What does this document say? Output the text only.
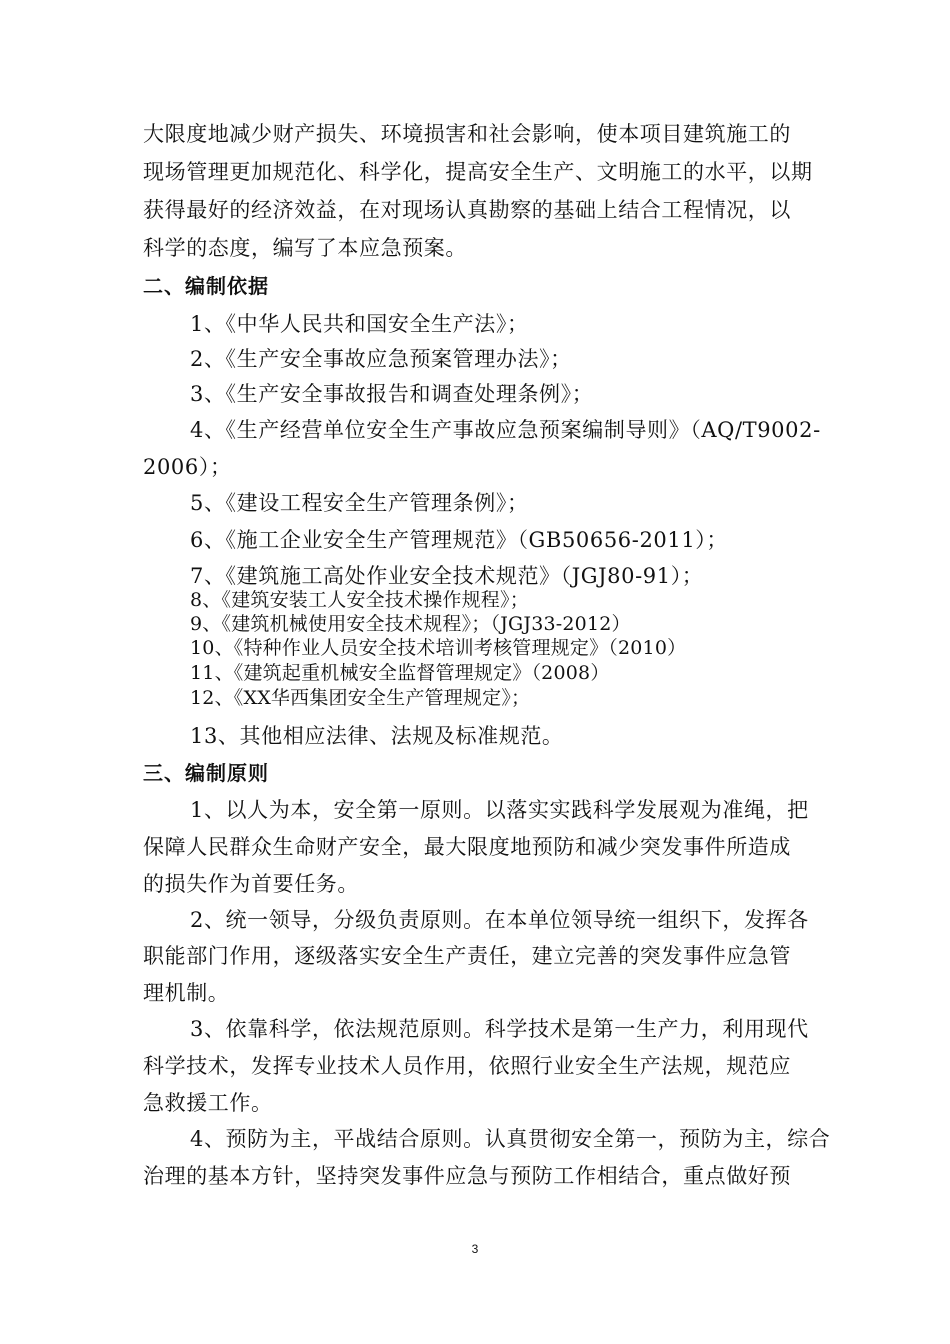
大限度地减少财产损失、环境损害和社会影响，使本项目建筑施工的
现场管理更加规范化、科学化，提高安全生产、文明施工的水平，以期
获得最好的经济效益，在对现场认真勘察的基础上结合工程情况，以
科学的态度，编写了本应急预案。
二、编制依据
1、《中华人民共和国安全生产法》；
2、《生产安全事故应急预案管理办法》；
3、《生产安全事故报告和调查处理条例》；
4、《生产经营单位安全生产事故应急预案编制导则》（AQ/T9002-
2006）；
5、《建设工程安全生产管理条例》；
6、《施工企业安全生产管理规范》（GB50656-2011）；
7、《建筑施工高处作业安全技术规范》（JGJ80-91）；
8、《建筑安装工人安全技术操作规程》；
9、《建筑机械使用安全技术规程》；（JGJ33-2012）
10、《特种作业人员安全技术培训考核管理规定》（2010）
11、《建筑起重机械安全监督管理规定》（2008）
12、《XX华西集团安全生产管理规定》；
13、其他相应法律、法规及标准规范。
三、编制原则
1、以人为本，安全第一原则。以落实实践科学发展观为准绳，把
保障人民群众生命财产安全，最大限度地预防和减少突发事件所造成
的损失作为首要任务。
2、统一领导，分级负责原则。在本单位领导统一组织下，发挥各
职能部门作用，逐级落实安全生产责任，建立完善的突发事件应急管
理机制。
3、依靠科学，依法规范原则。科学技术是第一生产力，利用现代
科学技术，发挥专业技术人员作用，依照行业安全生产法规，规范应
急救援工作。
4、预防为主，平战结合原则。认真贯彻安全第一，预防为主，综合
治理的基本方针，坚持突发事件应急与预防工作相结合，重点做好预
3
